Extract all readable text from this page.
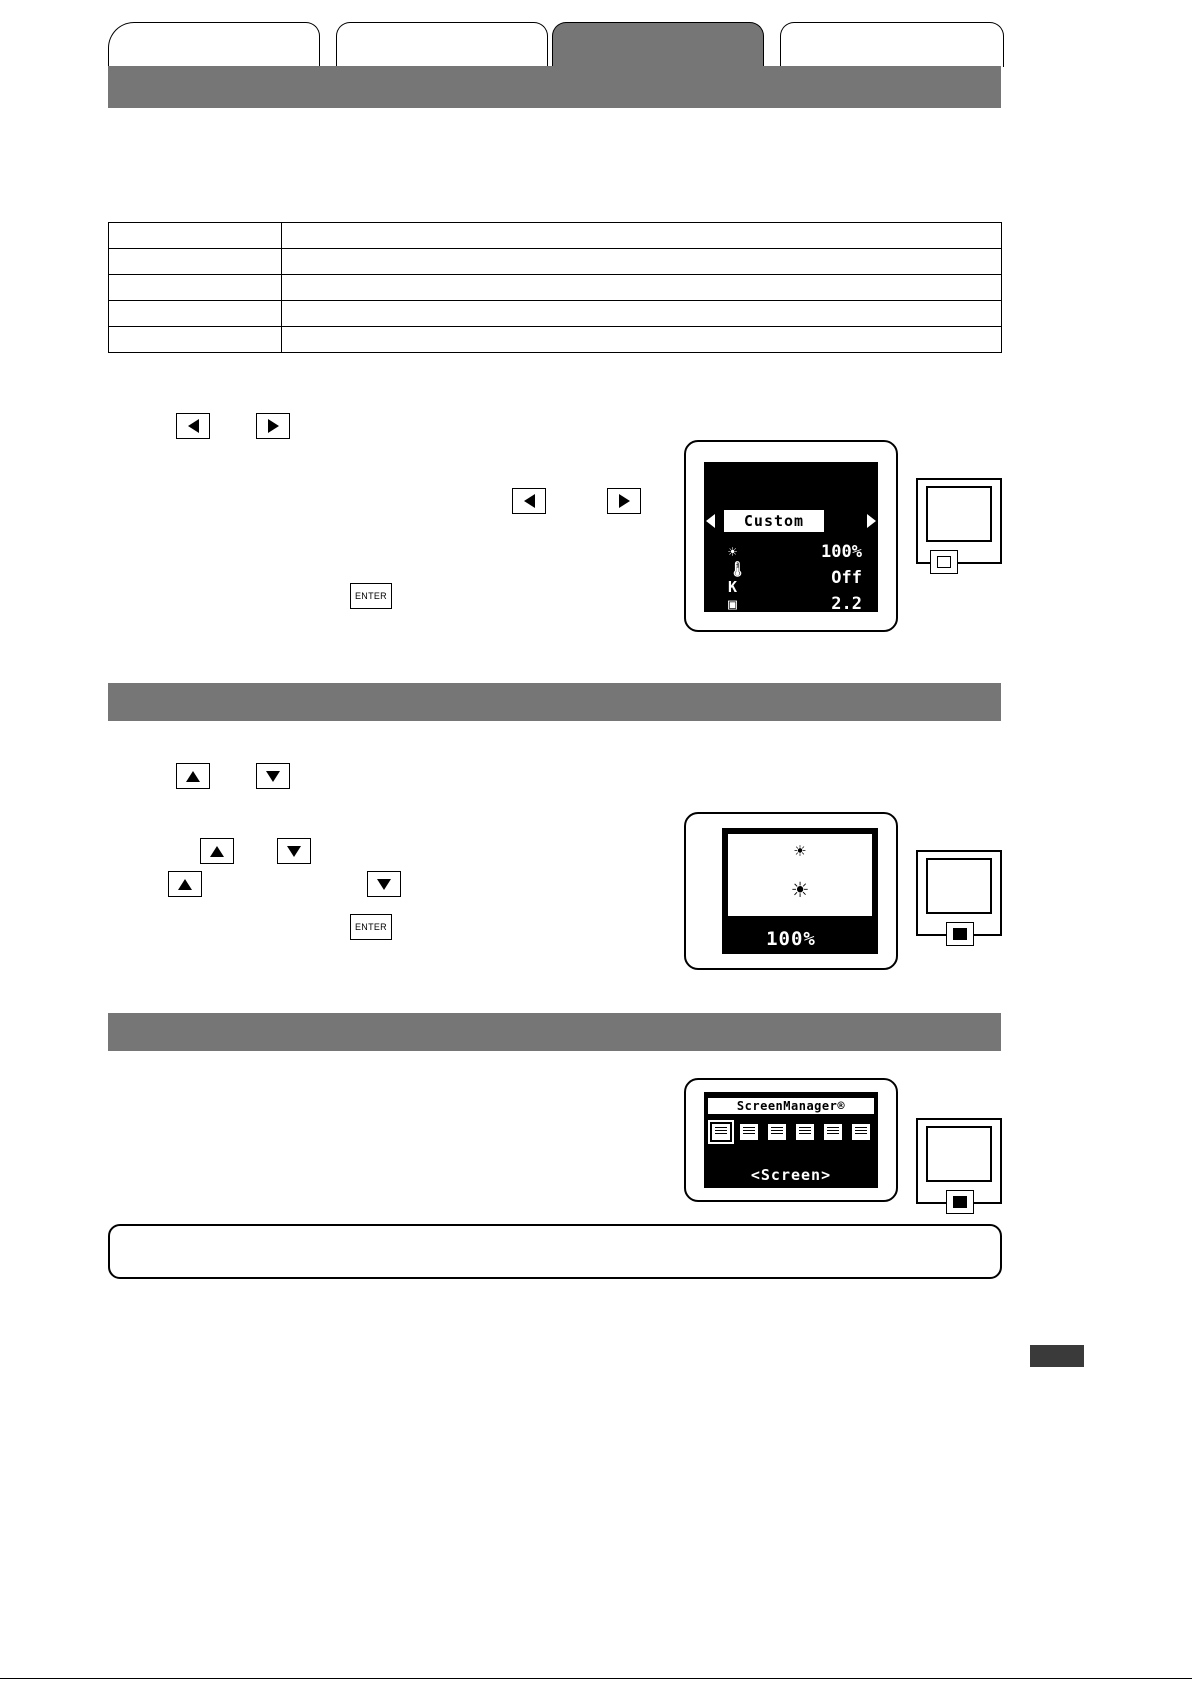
ENTER
Custom
☀	100%
🌡K	Off
▣	2.2
ENTER
☀
☀
100%
ScreenManager®
<Screen>
